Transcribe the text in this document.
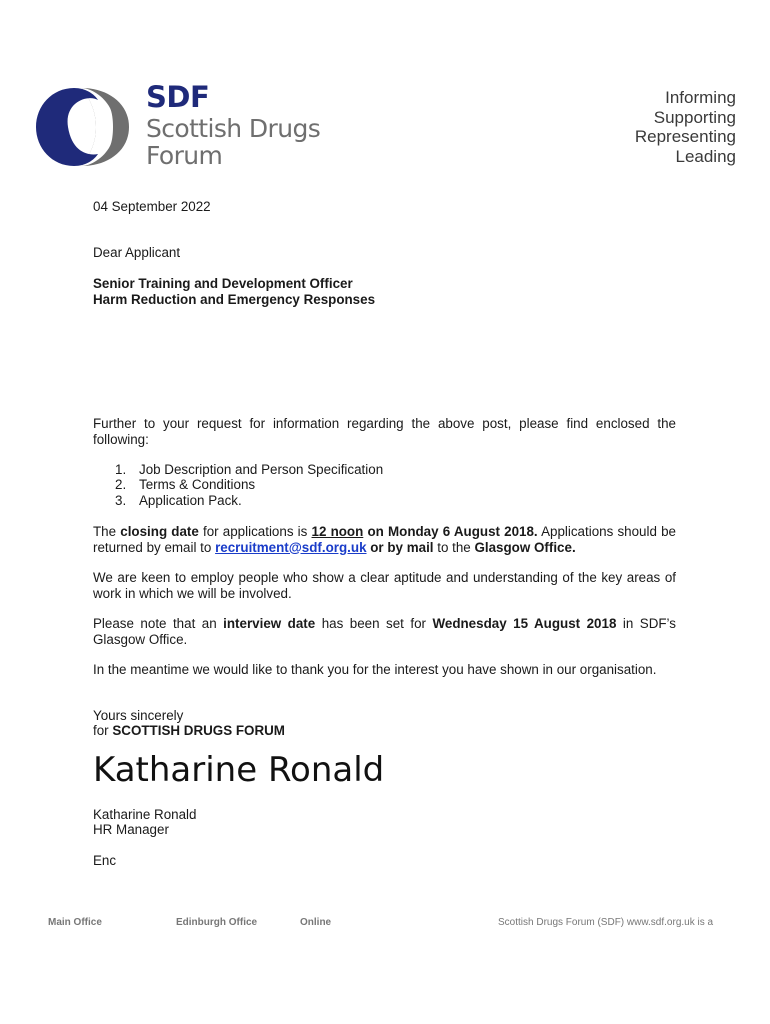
SDF
Scottish Drugs
Forum
Informing
Supporting
Representing
Leading
04 September 2022
Dear Applicant
Senior Training and Development Officer
Harm Reduction and Emergency Responses
Further to your request for information regarding the above post, please find enclosed the following:
1. Job Description and Person Specification
2. Terms & Conditions
3. Application Pack.
The closing date for applications is 12 noon on Monday 6 August 2018. Applications should be returned by email to recruitment@sdf.org.uk or by mail to the Glasgow Office.
We are keen to employ people who show a clear aptitude and understanding of the key areas of work in which we will be involved.
Please note that an interview date has been set for Wednesday 15 August 2018 in SDF’s Glasgow Office.
In the meantime we would like to thank you for the interest you have shown in our organisation.
Yours sincerely
for SCOTTISH DRUGS FORUM
Katharine Ronald
Katharine Ronald
HR Manager
Enc
Main Office	Edinburgh Office	Online	Scottish Drugs Forum (SDF) www.sdf.org.uk is a
